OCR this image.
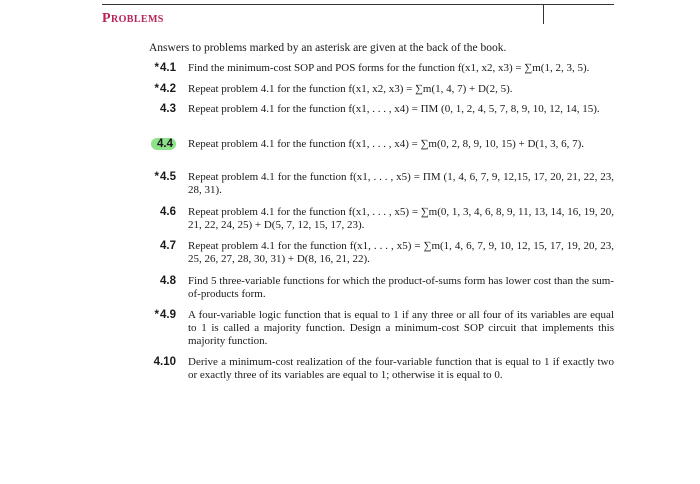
Problems
Answers to problems marked by an asterisk are given at the back of the book.
*4.1 Find the minimum-cost SOP and POS forms for the function f(x1, x2, x3) = ∑m(1, 2, 3, 5).
*4.2 Repeat problem 4.1 for the function f(x1, x2, x3) = ∑m(1, 4, 7) + D(2, 5).
4.3 Repeat problem 4.1 for the function f(x1, . . . , x4) = ΠM (0, 1, 2, 4, 5, 7, 8, 9, 10, 12, 14, 15).
4.4 Repeat problem 4.1 for the function f(x1, . . . , x4) = ∑m(0, 2, 8, 9, 10, 15) + D(1, 3, 6, 7).
*4.5 Repeat problem 4.1 for the function f(x1, . . . , x5) = ΠM (1, 4, 6, 7, 9, 12,15, 17, 20, 21, 22, 23, 28, 31).
4.6 Repeat problem 4.1 for the function f(x1, . . . , x5) = ∑m(0, 1, 3, 4, 6, 8, 9, 11, 13, 14, 16, 19, 20, 21, 22, 24, 25) + D(5, 7, 12, 15, 17, 23).
4.7 Repeat problem 4.1 for the function f(x1, . . . , x5) = ∑m(1, 4, 6, 7, 9, 10, 12, 15, 17, 19, 20, 23, 25, 26, 27, 28, 30, 31) + D(8, 16, 21, 22).
4.8 Find 5 three-variable functions for which the product-of-sums form has lower cost than the sum-of-products form.
*4.9 A four-variable logic function that is equal to 1 if any three or all four of its variables are equal to 1 is called a majority function. Design a minimum-cost SOP circuit that implements this majority function.
4.10 Derive a minimum-cost realization of the four-variable function that is equal to 1 if exactly two or exactly three of its variables are equal to 1; otherwise it is equal to 0.
